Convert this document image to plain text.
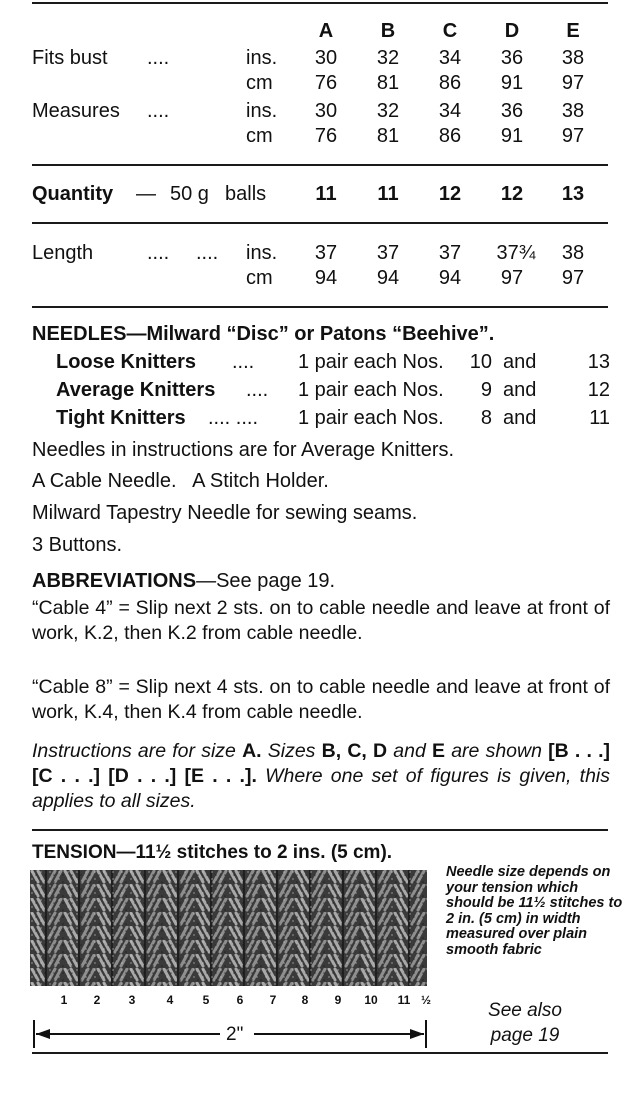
A	B	C	D	E
Fits bust ....	ins.	30	32	34	36	38
cm	76	81	86	91	97
Measures ....	ins.	30	32	34	36	38
cm	76	81	86	91	97
Quantity — 50 g balls	11	11	12	12	13
Length	.... .... ins.	37	37	37	37¾	38
cm	94	94	94	97	97
NEEDLES—Milward “Disc” or Patons “Beehive”.
Loose Knitters .... 1 pair each Nos. 10 and	13
Average Knitters .... 1 pair each Nos.	9 and	12
Tight Knitters .... .... 1 pair each Nos.	8 and	11
Needles in instructions are for Average Knitters.
A Cable Needle.   A Stitch Holder.
Milward Tapestry Needle for sewing seams.
3 Buttons.
ABBREVIATIONS—See page 19.
“Cable 4” = Slip next 2 sts. on to cable needle and leave at front of work, K.2, then K.2 from cable needle.
“Cable 8” = Slip next 4 sts. on to cable needle and leave at front of work, K.4, then K.4 from cable needle.
Instructions are for size A. Sizes B, C, D and E are shown [B . . .] [C . . .] [D . . .] [E . . .]. Where one set of figures is given, this applies to all sizes.
TENSION—11½ stitches to 2 ins. (5 cm).
1	2	3	4	5	6	7	8	9	10	11 ½
2"
Needle size depends on your tension which should be 11½ stitches to 2 in. (5 cm) in width measured over plain smooth fabric
See also
page 19
